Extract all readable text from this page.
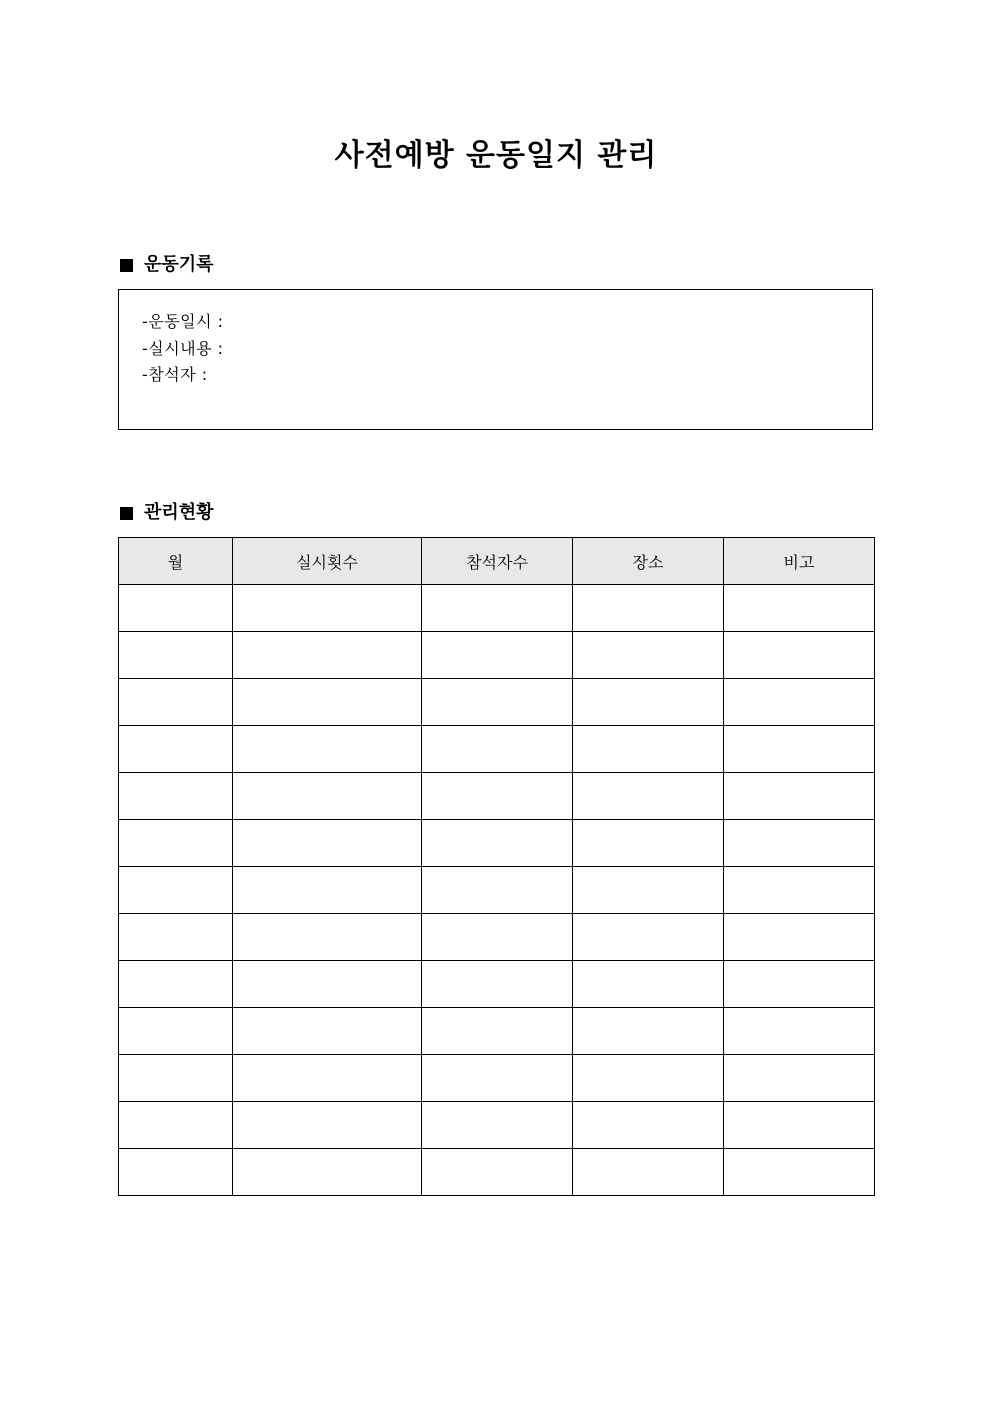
사전예방 운동일지 관리
운동기록
-운동일시 :
-실시내용 :
-참석자 :
관리현황
월	실시횟수	참석자수	장소	비고
